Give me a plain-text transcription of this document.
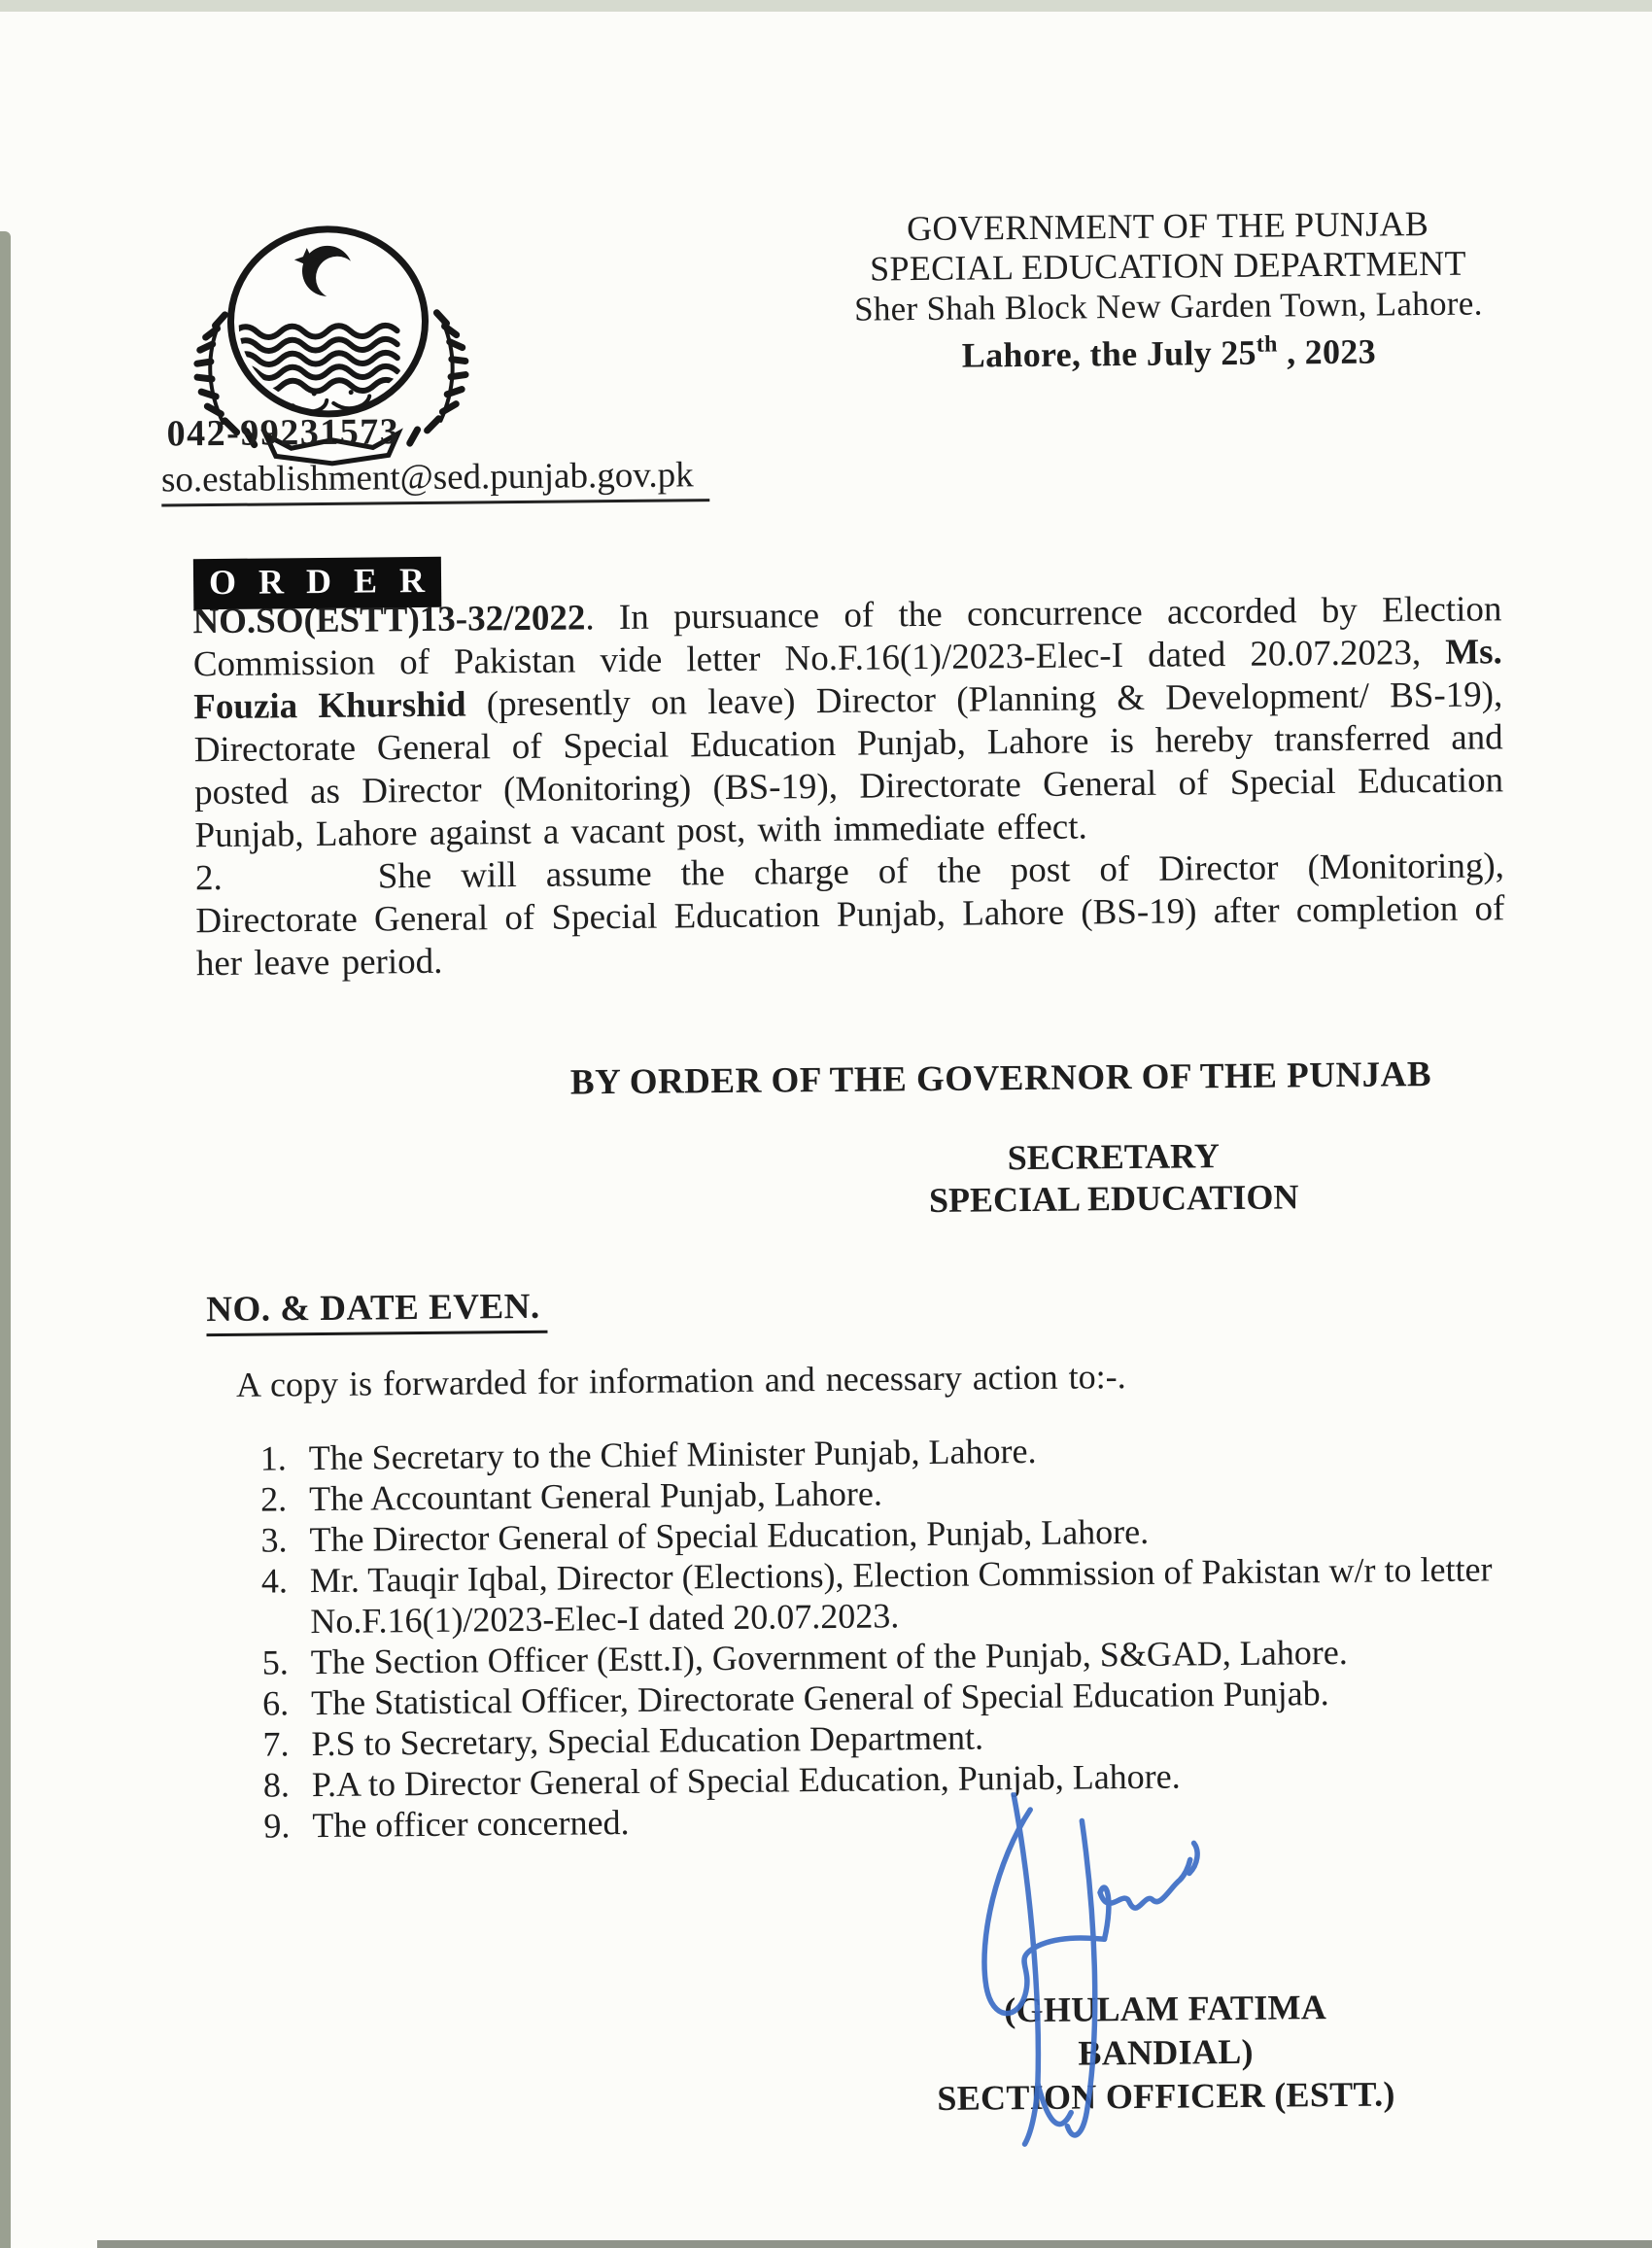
GOVERNMENT OF THE PUNJAB
SPECIAL EDUCATION DEPARTMENT
Sher Shah Block New Garden Town, Lahore.
Lahore, the July 25th , 2023
042-99231573
so.establishment@sed.punjab.gov.pk
O R D E R

NO.SO(ESTT)13-32/2022. In pursuance of the concurrence accorded by Election Commission of Pakistan vide letter No.F.16(1)/2023-Elec-I dated 20.07.2023, Ms. Fouzia Khurshid (presently on leave) Director (Planning & Development/ BS-19), Directorate General of Special Education Punjab, Lahore is hereby transferred and posted as Director (Monitoring) (BS-19), Directorate General of Special Education Punjab, Lahore against a vacant post, with immediate effect.

2.	She will assume the charge of the post of Director (Monitoring), Directorate General of Special Education Punjab, Lahore (BS-19) after completion of her leave period.

BY ORDER OF THE GOVERNOR OF THE PUNJAB
SECRETARY
SPECIAL EDUCATION
NO. & DATE EVEN.
A copy is forwarded for information and necessary action to:-.
1. The Secretary to the Chief Minister Punjab, Lahore.
2. The Accountant General Punjab, Lahore.
3. The Director General of Special Education, Punjab, Lahore.
4. Mr. Tauqir Iqbal, Director (Elections), Election Commission of Pakistan w/r to letter No.F.16(1)/2023-Elec-I dated 20.07.2023.
5. The Section Officer (Estt.I), Government of the Punjab, S&GAD, Lahore.
6. The Statistical Officer, Directorate General of Special Education Punjab.
7. P.S to Secretary, Special Education Department.
8. P.A to Director General of Special Education, Punjab, Lahore.
9. The officer concerned.
(GHULAM FATIMA BANDIAL)
SECTION OFFICER (ESTT.)
